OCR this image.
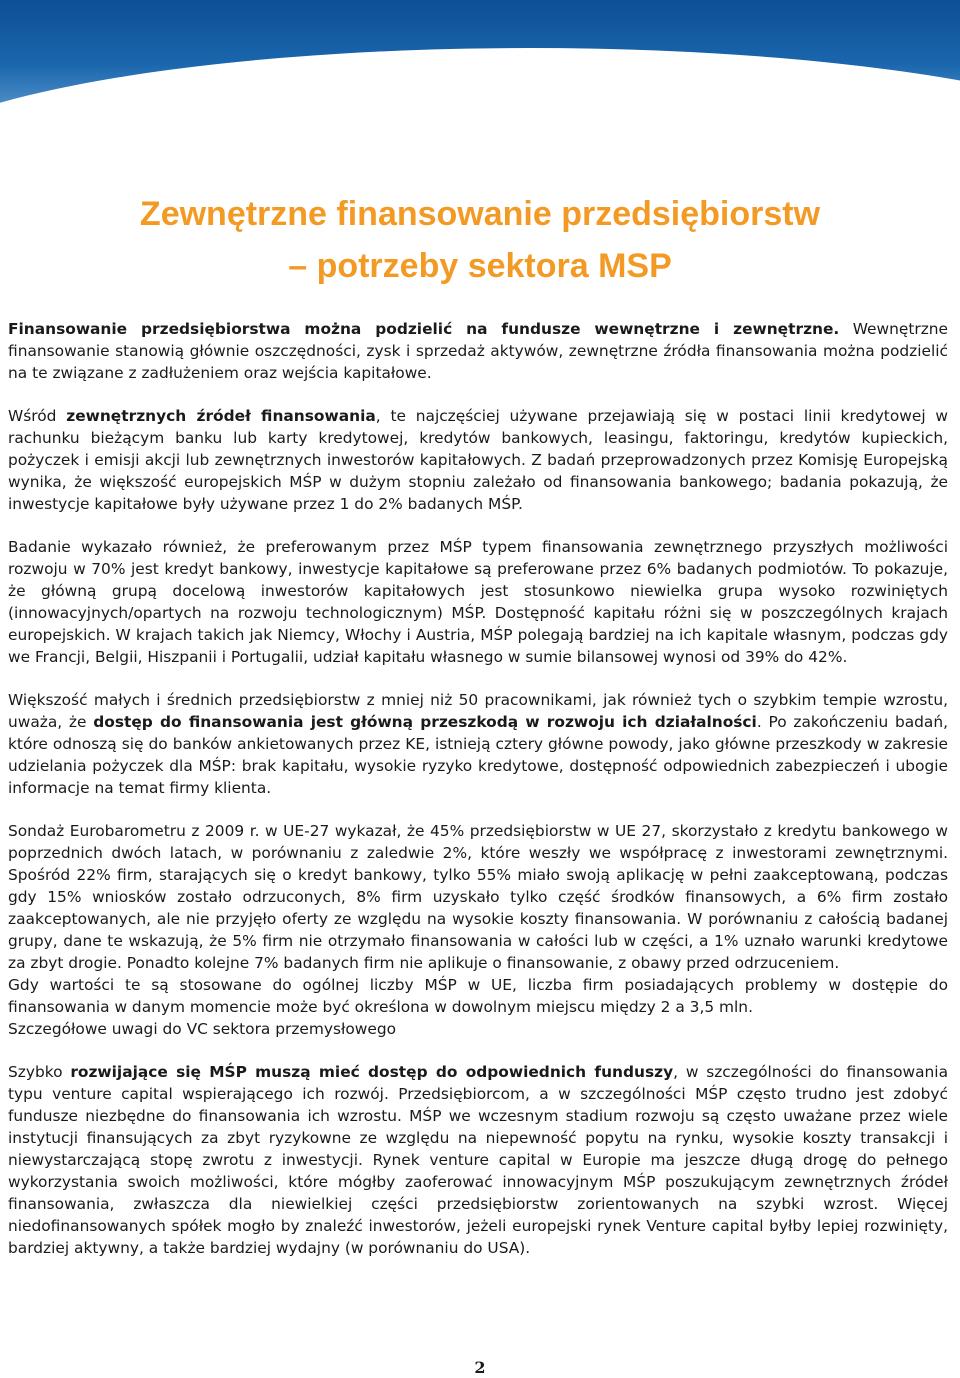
Zewnętrzne finansowanie przedsiębiorstw
– potrzeby sektora MSP

Finansowanie przedsiębiorstwa można podzielić na fundusze wewnętrzne i zewnętrzne. Wewnętrzne finansowanie stanowią głównie oszczędności, zysk i sprzedaż aktywów, zewnętrzne źródła finansowania można podzielić na te związane z zadłużeniem oraz wejścia kapitałowe.

Wśród zewnętrznych źródeł finansowania, te najczęściej używane przejawiają się w postaci linii kredytowej w rachunku bieżącym banku lub karty kredytowej, kredytów bankowych, leasingu, faktoringu, kredytów kupieckich, pożyczek i emisji akcji lub zewnętrznych inwestorów kapitałowych. Z badań przeprowadzonych przez Komisję Europejską wynika, że większość europejskich MŚP w dużym stopniu zależało od finansowania bankowego; badania pokazują, że inwestycje kapitałowe były używane przez 1 do 2% badanych MŚP.

Badanie wykazało również, że preferowanym przez MŚP typem finansowania zewnętrznego przyszłych możliwości rozwoju w 70% jest kredyt bankowy, inwestycje kapitałowe są preferowane przez 6% badanych podmiotów. To pokazuje, że główną grupą docelową inwestorów kapitałowych jest stosunkowo niewielka grupa wysoko rozwiniętych (innowacyjnych/opartych na rozwoju technologicznym) MŚP. Dostępność kapitału różni się w poszczególnych krajach europejskich. W krajach takich jak Niemcy, Włochy i Austria, MŚP polegają bardziej na ich kapitale własnym, podczas gdy we Francji, Belgii, Hiszpanii i Portugalii, udział kapitału własnego w sumie bilansowej wynosi od 39% do 42%.

Większość małych i średnich przedsiębiorstw z mniej niż 50 pracownikami, jak również tych o szybkim tempie wzrostu, uważa, że dostęp do finansowania jest główną przeszkodą w rozwoju ich działalności. Po zakończeniu badań, które odnoszą się do banków ankietowanych przez KE, istnieją cztery główne powody, jako główne przeszkody w zakresie udzielania pożyczek dla MŚP: brak kapitału, wysokie ryzyko kredytowe, dostępność odpowiednich zabezpieczeń i ubogie informacje na temat firmy klienta.

Sondaż Eurobarometru z 2009 r. w UE-27 wykazał, że 45% przedsiębiorstw w UE 27, skorzystało z kredytu bankowego w poprzednich dwóch latach, w porównaniu z zaledwie 2%, które weszły we współpracę z inwestorami zewnętrznymi. Spośród 22% firm, starających się o kredyt bankowy, tylko 55% miało swoją aplikację w pełni zaakceptowaną, podczas gdy 15% wniosków zostało odrzuconych, 8% firm uzyskało tylko część środków finansowych, a 6% firm zostało zaakceptowanych, ale nie przyjęło oferty ze względu na wysokie koszty finansowania. W porównaniu z całością badanej grupy, dane te wskazują, że 5% firm nie otrzymało finansowania w całości lub w części, a 1% uznało warunki kredytowe za zbyt drogie. Ponadto kolejne 7% badanych firm nie aplikuje o finansowanie, z obawy przed odrzuceniem.

Gdy wartości te są stosowane do ogólnej liczby MŚP w UE, liczba firm posiadających problemy w dostępie do finansowania w danym momencie może być określona w dowolnym miejscu między 2 a 3,5 mln.

Szczegółowe uwagi do VC sektora przemysłowego

Szybko rozwijające się MŚP muszą mieć dostęp do odpowiednich funduszy, w szczególności do finansowania typu venture capital wspierającego ich rozwój. Przedsiębiorcom, a w szczególności MŚP często trudno jest zdobyć fundusze niezbędne do finansowania ich wzrostu. MŚP we wczesnym stadium rozwoju są często uważane przez wiele instytucji finansujących za zbyt ryzykowne ze względu na niepewność popytu na rynku, wysokie koszty transakcji i niewystarczającą stopę zwrotu z inwestycji. Rynek venture capital w Europie ma jeszcze długą drogę do pełnego wykorzystania swoich możliwości, które mógłby zaoferować innowacyjnym MŚP poszukującym zewnętrznych źródeł finansowania, zwłaszcza dla niewielkiej części przedsiębiorstw zorientowanych na szybki wzrost. Więcej niedofinansowanych spółek mogło by znaleźć inwestorów, jeżeli europejski rynek Venture capital byłby lepiej rozwinięty, bardziej aktywny, a także bardziej wydajny (w porównaniu do USA).

2
